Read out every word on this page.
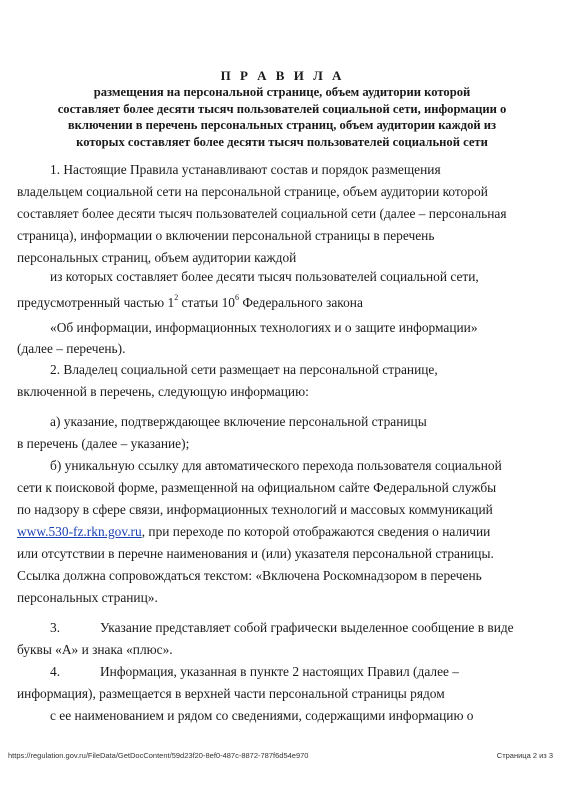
П Р А В И Л А
размещения на персональной странице, объем аудитории которой
составляет более десяти тысяч пользователей социальной сети, информации о
включении в перечень персональных страниц, объем аудитории каждой из
которых составляет более десяти тысяч пользователей социальной сети
1. Настоящие Правила устанавливают состав и порядок размещения
владельцем социальной сети на персональной странице, объем аудитории которой
составляет более десяти тысяч пользователей социальной сети (далее – персональная
страница), информации о включении персональной страницы в перечень
персональных страниц, объем аудитории каждой
из которых составляет более десяти тысяч пользователей социальной сети,
предусмотренный частью $1^2$ статьи $10^6$ Федерального закона
«Об информации, информационных технологиях и о защите информации»
(далее – перечень).
2. Владелец социальной сети размещает на персональной странице,
включенной в перечень, следующую информацию:
а) указание, подтверждающее включение персональной страницы
в перечень (далее – указание);
б) уникальную ссылку для автоматического перехода пользователя социальной
сети к поисковой форме, размещенной на официальном сайте Федеральной службы
по надзору в сфере связи, информационных технологий и массовых коммуникаций
www.530-fz.rkn.gov.ru, при переходе по которой отображаются сведения о наличии
или отсутствии в перечне наименования и (или) указателя персональной страницы.
Ссылка должна сопровождаться текстом: «Включена Роскомнадзором в перечень
персональных страниц».
3.	Указание представляет собой графически выделенное сообщение в виде
буквы «А» и знака «плюс».
4.	Информация, указанная в пункте 2 настоящих Правил (далее –
информация), размещается в верхней части персональной страницы рядом
с ее наименованием и рядом со сведениями, содержащими информацию о
https://regulation.gov.ru/FileData/GetDocContent/59d23f20-8ef0-487c-8872-787f6d54e970	Страница 2 из 3
